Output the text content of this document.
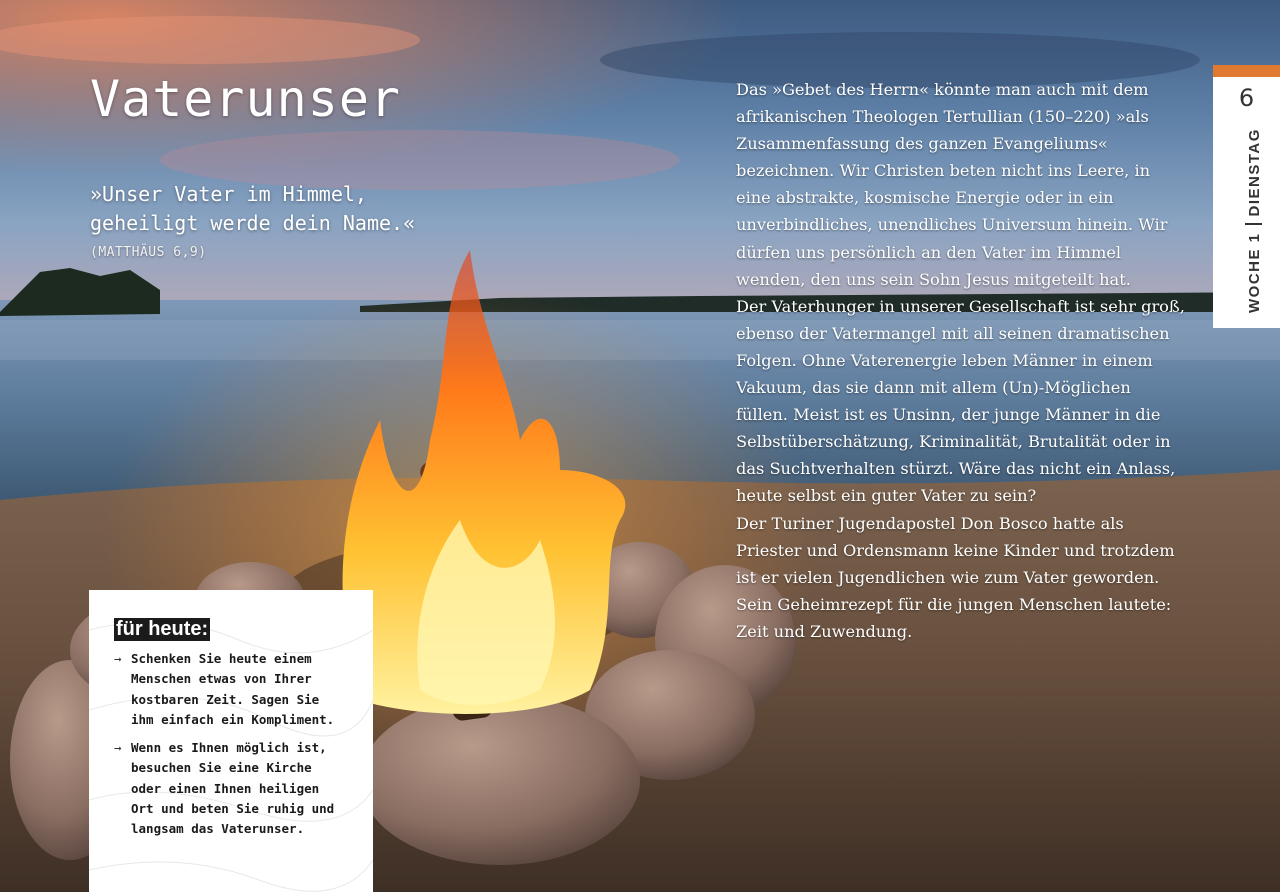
Vaterunser
»Unser Vater im Himmel, geheiligt werde dein Name.«
(MATTHÄUS 6,9)

Das »Gebet des Herrn« könnte man auch mit dem afrikanischen Theologen Tertullian (150–220) »als Zusammenfassung des ganzen Evangeliums« bezeichnen. Wir Christen beten nicht ins Leere, in eine abstrakte, kosmische Energie oder in ein unverbindliches, unendliches Universum hinein. Wir dürfen uns persönlich an den Vater im Himmel wenden, den uns sein Sohn Jesus mitgeteilt hat.

Der Vaterhunger in unserer Gesellschaft ist sehr groß, ebenso der Vatermangel mit all seinen dramatischen Folgen. Ohne Vaterenergie leben Männer in einem Vakuum, das sie dann mit allem (Un)-Möglichen füllen. Meist ist es Unsinn, der junge Männer in die Selbstüberschätzung, Kriminalität, Brutalität oder in das Suchtverhalten stürzt. Wäre das nicht ein Anlass, heute selbst ein guter Vater zu sein?

Der Turiner Jugendapostel Don Bosco hatte als Priester und Ordensmann keine Kinder und trotzdem ist er vielen Jugendlichen wie zum Vater geworden. Sein Geheimrezept für die jungen Menschen lautete: Zeit und Zuwendung.

6
WOCHE 1DIENSTAG
für heute:
→ Schenken Sie heute einem Menschen etwas von Ihrer kostbaren Zeit. Sagen Sie ihm einfach ein Kompliment.
→ Wenn es Ihnen möglich ist, besuchen Sie eine Kirche oder einen Ihnen heiligen Ort und beten Sie ruhig und langsam das Vaterunser.
